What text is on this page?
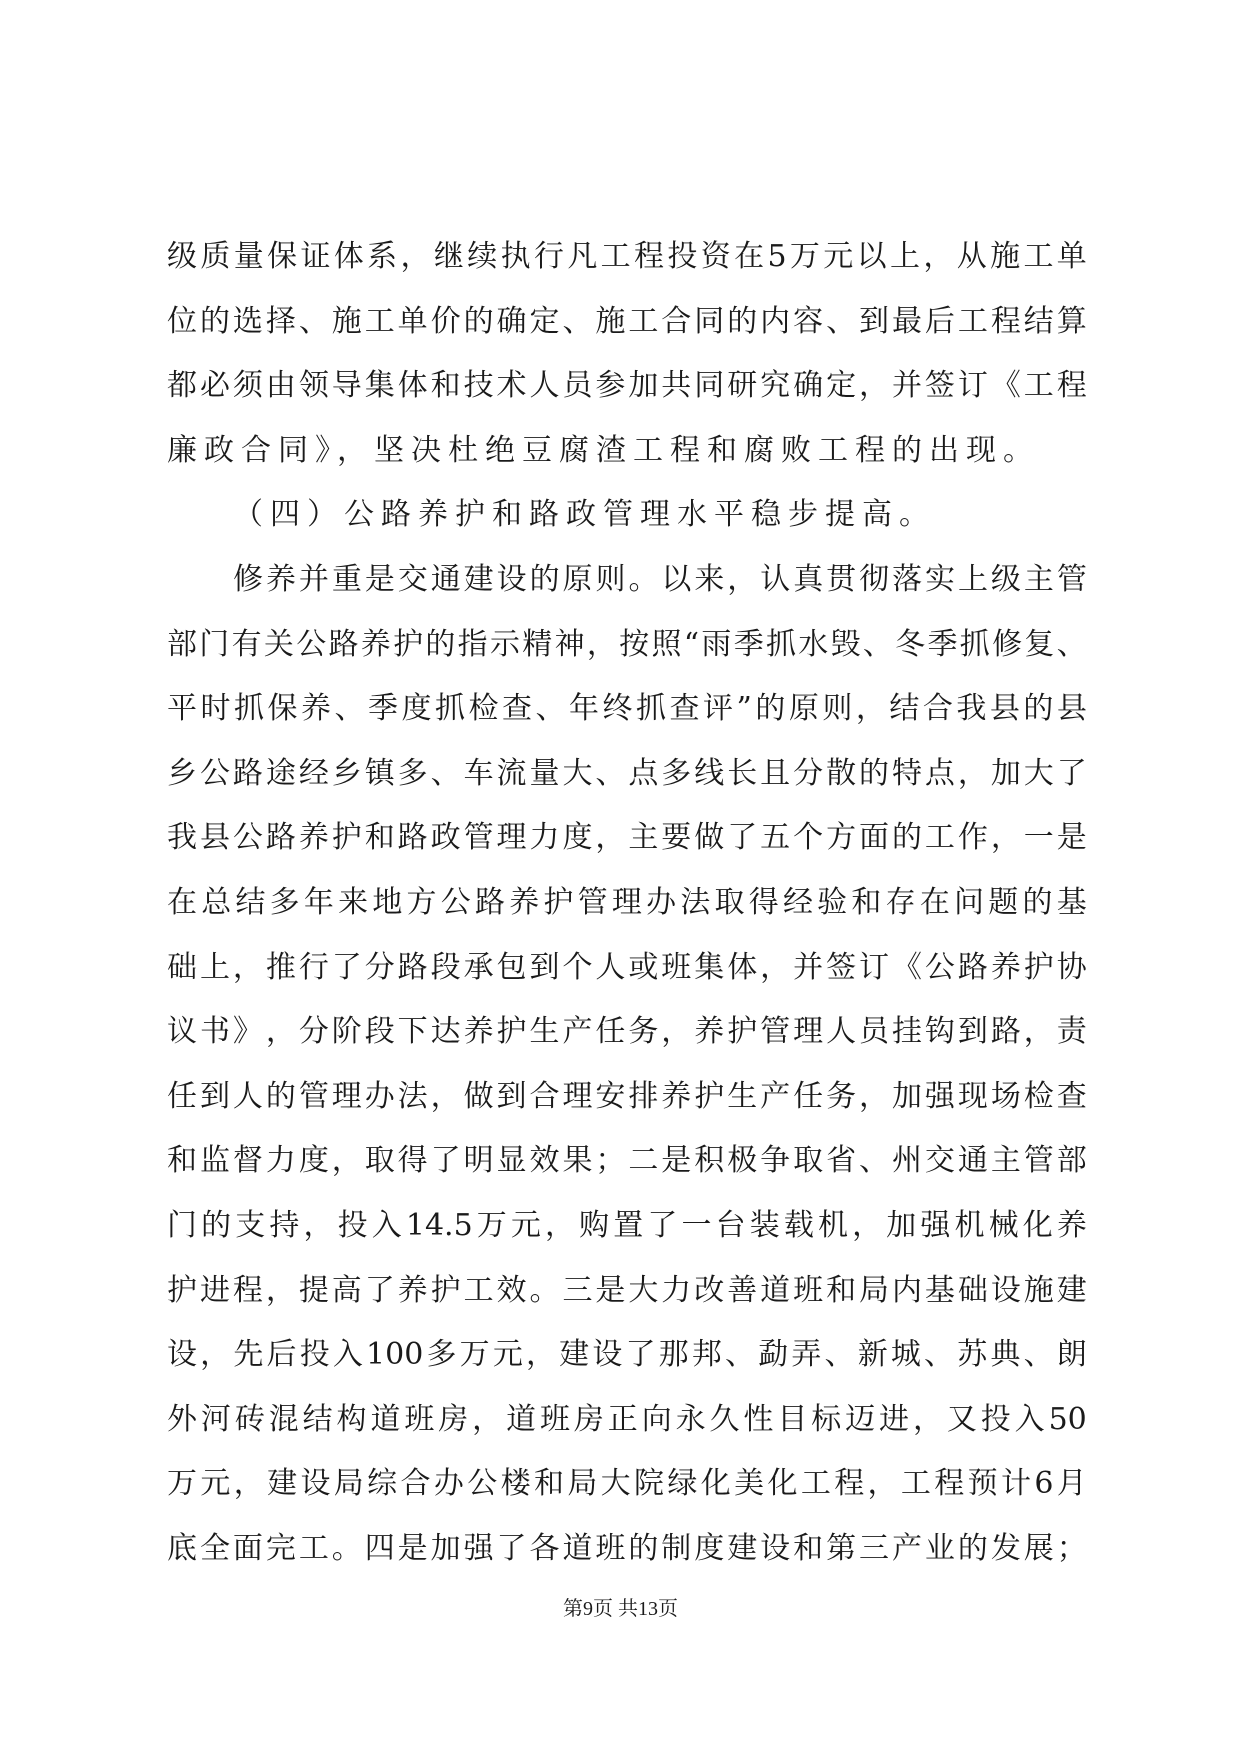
级 质 量 保 证 体 系 ， 继 续 执 行 凡 工 程 投 资 在 5 万 元 以 上 ， 从 施 工 单
位 的 选 择 、 施 工 单 价 的 确 定 、 施 工 合 同 的 内 容 、 到 最 后 工 程 结 算
都 必 须 由 领 导 集 体 和 技 术 人 员 参 加 共 同 研 究 确 定 ， 并 签 订 《 工 程
廉政合同》，坚决杜绝豆腐渣工程和腐败工程的出现。
（四）公路养护和路政管理水平稳步提高。
修 养 并 重 是 交 通 建 设 的 原 则 。 以 来 ， 认 真 贯 彻 落 实 上 级 主 管
部 门 有 关 公 路 养 护 的 指 示 精 神 ， 按 照 “ 雨 季 抓 水 毁 、 冬 季 抓 修 复 、
平 时 抓 保 养 、 季 度 抓 检 查 、 年 终 抓 查 评 ” 的 原 则 ， 结 合 我 县 的 县
乡 公 路 途 经 乡 镇 多 、 车 流 量 大 、 点 多 线 长 且 分 散 的 特 点 ， 加 大 了
我 县 公 路 养 护 和 路 政 管 理 力 度 ， 主 要 做 了 五 个 方 面 的 工 作 ， 一 是
在 总 结 多 年 来 地 方 公 路 养 护 管 理 办 法 取 得 经 验 和 存 在 问 题 的 基
础 上 ， 推 行 了 分 路 段 承 包 到 个 人 或 班 集 体 ， 并 签 订 《 公 路 养 护 协
议 书 》 ， 分 阶 段 下 达 养 护 生 产 任 务 ， 养 护 管 理 人 员 挂 钩 到 路 ， 责
任 到 人 的 管 理 办 法 ， 做 到 合 理 安 排 养 护 生 产 任 务 ， 加 强 现 场 检 查
和 监 督 力 度 ， 取 得 了 明 显 效 果 ； 二 是 积 极 争 取 省 、 州 交 通 主 管 部
门 的 支 持 ， 投 入 14.5 万 元 ， 购 置 了 一 台 装 载 机 ， 加 强 机 械 化 养
护 进 程 ， 提 高 了 养 护 工 效 。 三 是 大 力 改 善 道 班 和 局 内 基 础 设 施 建
设 ， 先 后 投 入 100 多 万 元 ， 建 设 了 那 邦 、 勐 弄 、 新 城 、 苏 典 、 朗
外 河 砖 混 结 构 道 班 房 ， 道 班 房 正 向 永 久 性 目 标 迈 进 ， 又 投 入 50
万 元 ， 建 设 局 综 合 办 公 楼 和 局 大 院 绿 化 美 化 工 程 ， 工 程 预 计 6 月
底 全 面 完 工 。 四 是 加 强 了 各 道 班 的 制 度 建 设 和 第 三 产 业 的 发 展 ；
第9页 共13页
